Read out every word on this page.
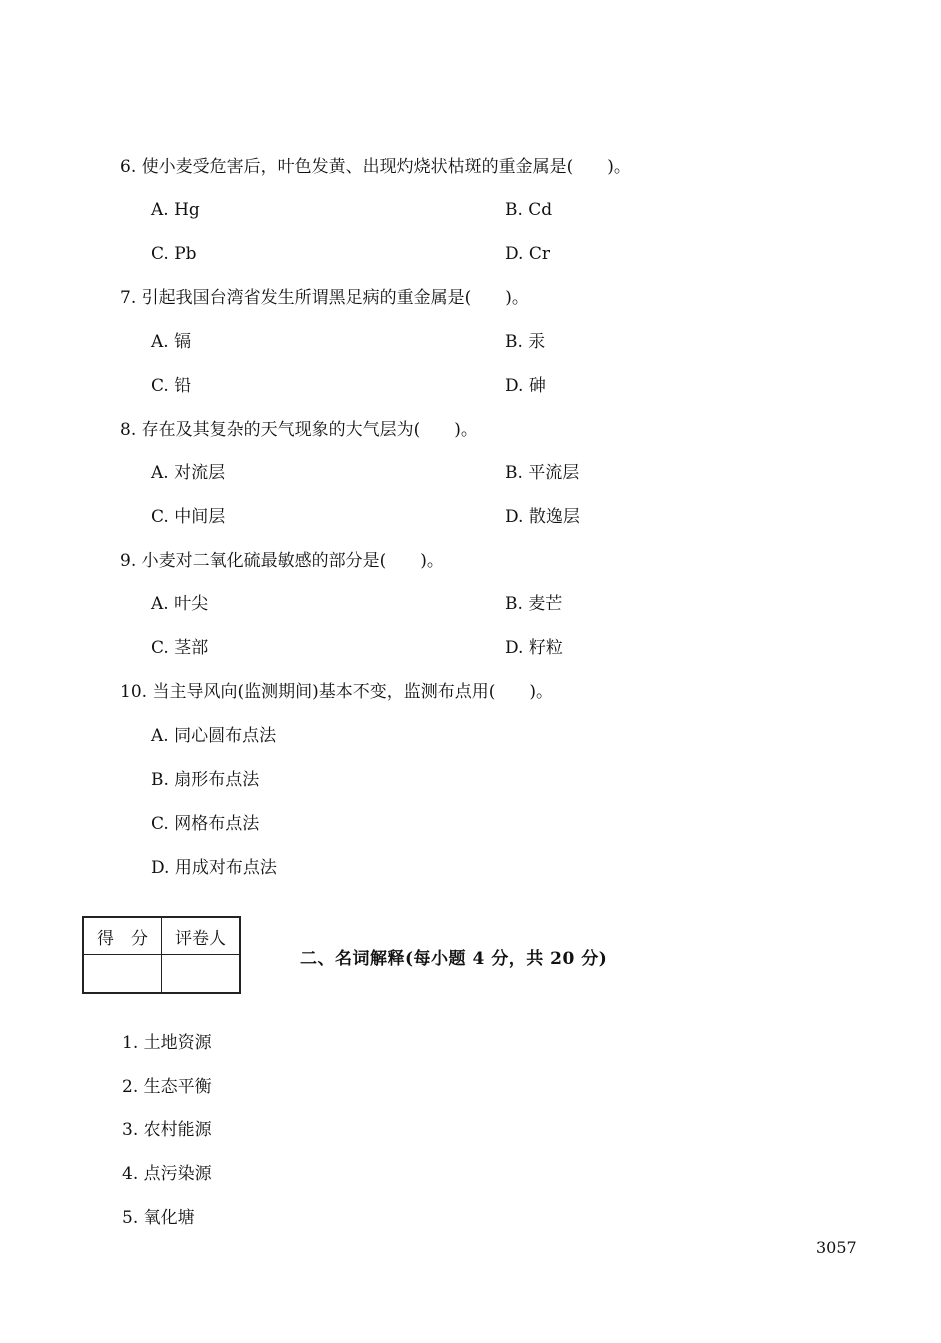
6. 使小麦受危害后，叶色发黄、出现灼烧状枯斑的重金属是(　　)。
A. Hg	B. Cd
C. Pb	D. Cr
7. 引起我国台湾省发生所谓黑足病的重金属是(　　)。
A. 镉	B. 汞
C. 铅	D. 砷
8. 存在及其复杂的天气现象的大气层为(　　)。
A. 对流层	B. 平流层
C. 中间层	D. 散逸层
9. 小麦对二氧化硫最敏感的部分是(　　)。
A. 叶尖	B. 麦芒
C. 茎部	D. 籽粒
10. 当主导风向(监测期间)基本不变，监测布点用(　　)。
A. 同心圆布点法
B. 扇形布点法
C. 网格布点法
D. 用成对布点法
得　分	评卷人

二、名词解释(每小题 4 分，共 20 分)
1. 土地资源
2. 生态平衡
3. 农村能源
4. 点污染源
5. 氧化塘
3057
